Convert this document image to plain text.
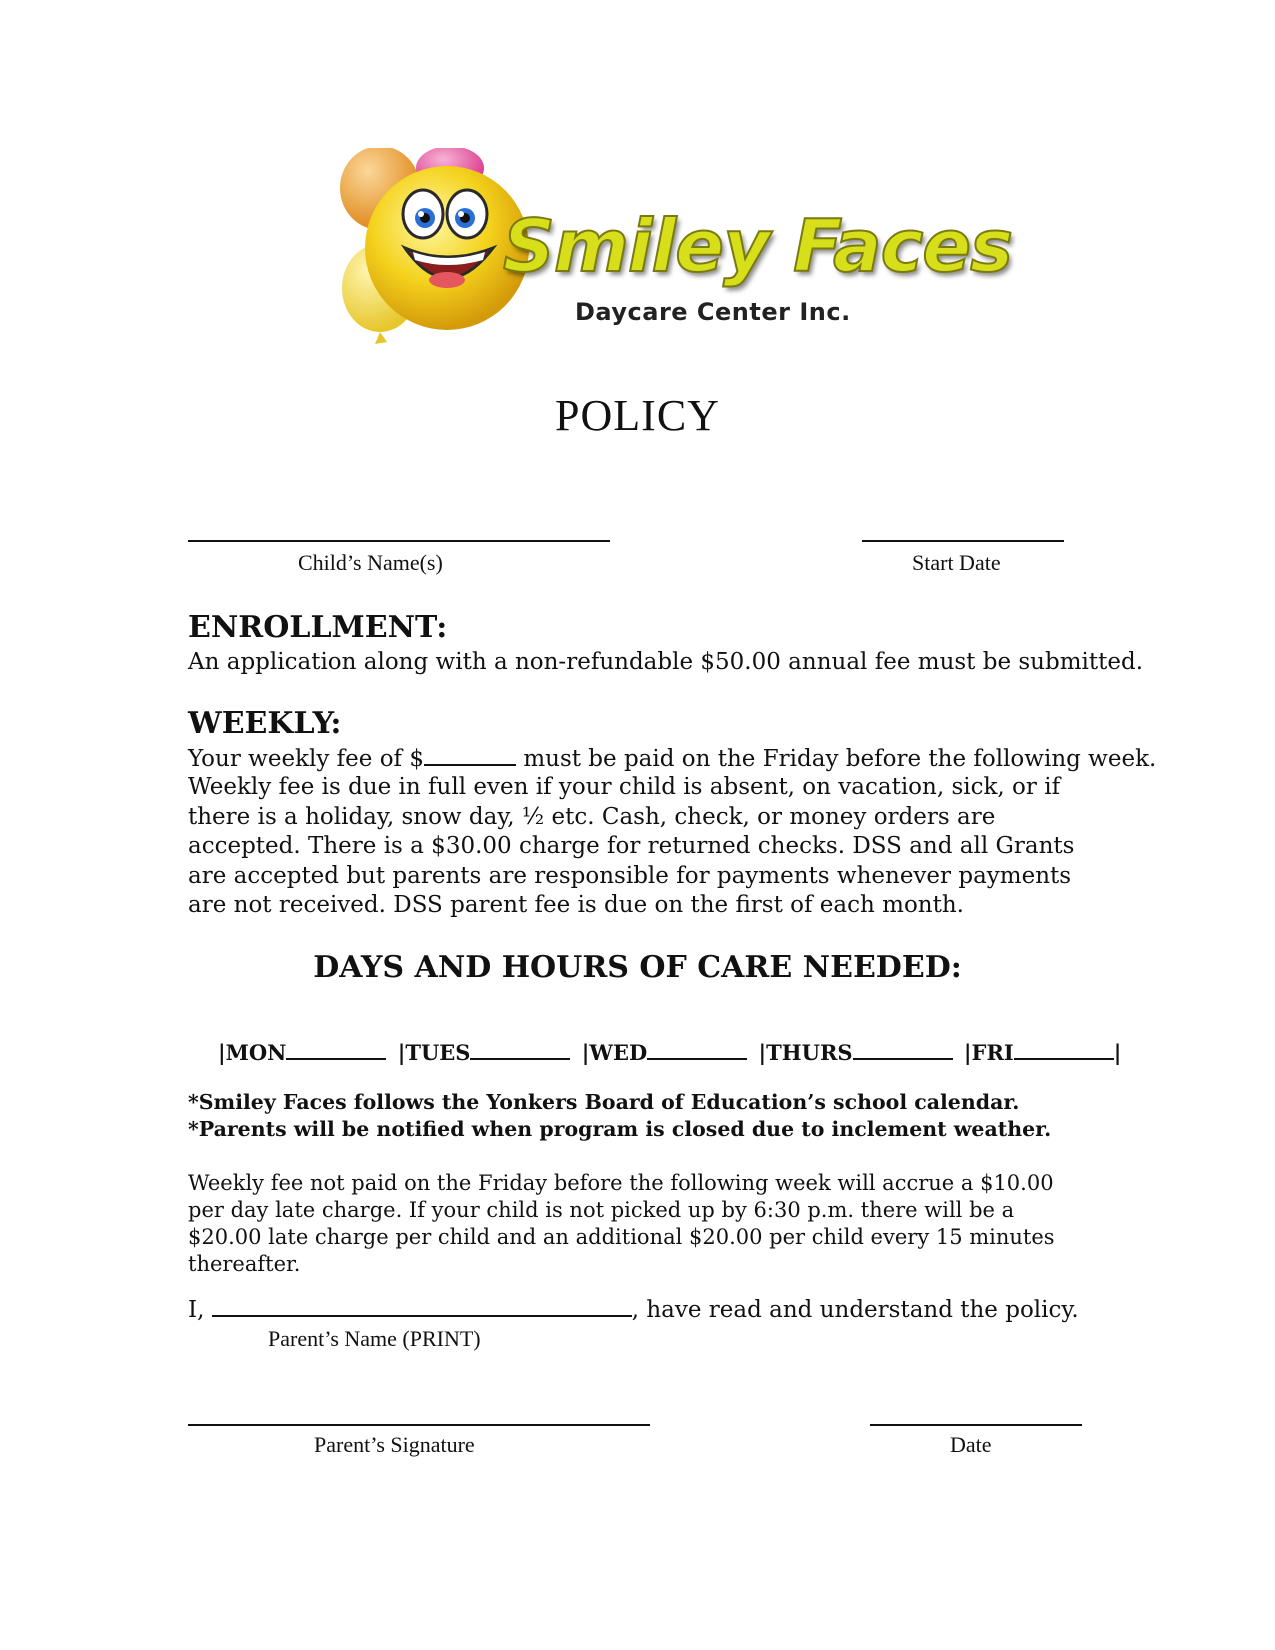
Smiley Faces
Daycare Center Inc.
POLICY
Child’s Name(s)	Start Date
ENROLLMENT:
An application along with a non-refundable $50.00 annual fee must be submitted.
WEEKLY:
Your weekly fee of $	must be paid on the Friday before the following week.
Weekly fee is due in full even if your child is absent, on vacation, sick, or if there is a holiday, snow day, ½ etc. Cash, check, or money orders are accepted. There is a $30.00 charge for returned checks. DSS and all Grants are accepted but parents are responsible for payments whenever payments are not received. DSS parent fee is due on the first of each month.
DAYS AND HOURS OF CARE NEEDED:
|MON	|TUES	|WED	|THURS	|FRI	|
*Smiley Faces follows the Yonkers Board of Education’s school calendar.
*Parents will be notified when program is closed due to inclement weather.
Weekly fee not paid on the Friday before the following week will accrue a $10.00 per day late charge. If your child is not picked up by 6:30 p.m. there will be a $20.00 late charge per child and an additional $20.00 per child every 15 minutes thereafter.
I,	, have read and understand the policy.
Parent’s Name (PRINT)
Parent’s Signature	Date
